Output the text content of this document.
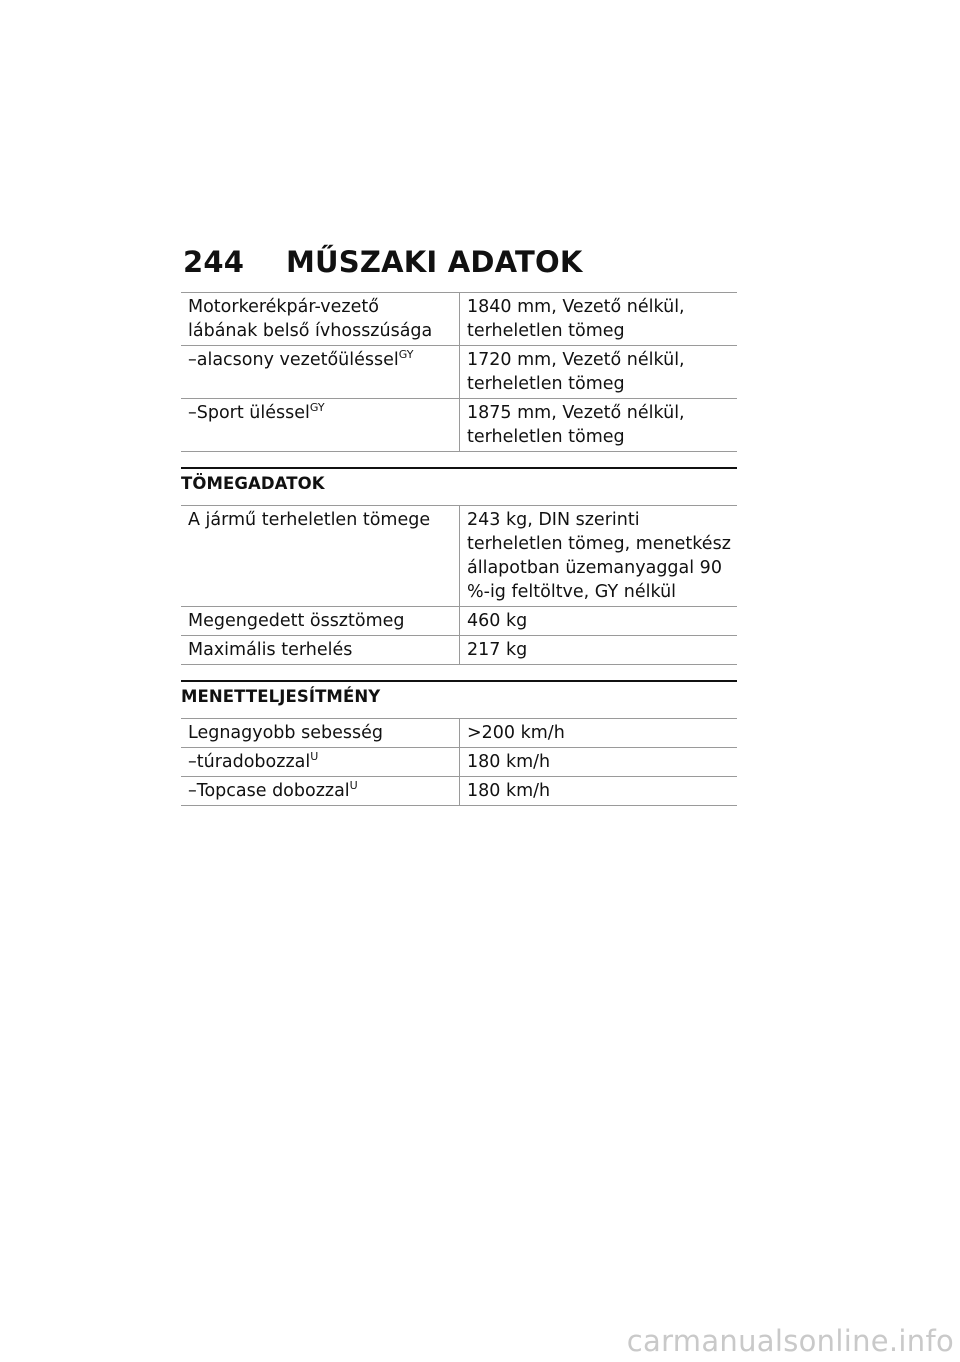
244 MŰSZAKI ADATOK
Motorkerékpár-vezető lábának belső ívhosszúsága	1840 mm, Vezető nélkül, terheletlen tömeg
–alacsony vezetőüléssel$^{GY}$	1720 mm, Vezető nélkül, terheletlen tömeg
–Sport üléssel$^{GY}$	1875 mm, Vezető nélkül, terheletlen tömeg
TÖMEGADATOK
A jármű terheletlen tömege	243 kg, DIN szerinti terheletlen tömeg, menetkész állapotban üzemanyaggal 90 %-ig feltöltve, GY nélkül
Megengedett össztömeg	460 kg
Maximális terhelés	217 kg
MENETTELJESÍTMÉNY
Legnagyobb sebesség	>200 km/h
–túradobozzal$^U$	180 km/h
–Topcase dobozzal$^U$	180 km/h
carmanualsonline.info
